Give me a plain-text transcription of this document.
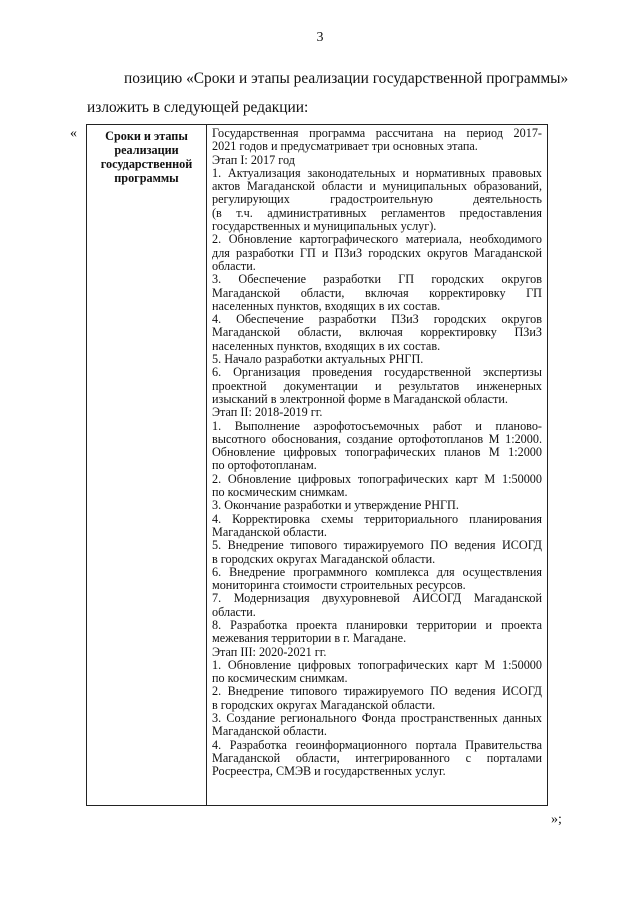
3
позицию «Сроки и этапы реализации государственной программы»
изложить в следующей редакции:
«	Сроки и этапы
реализации
государственной
программы
Государственная программа рассчитана на период 2017-
2021 годов и предусматривает три основных этапа.
Этап I: 2017 год
1. Актуализация законодательных и нормативных правовых
актов Магаданской области и муниципальных образований,
регулирующих градостроительную деятельность
(в т.ч. административных регламентов предоставления
государственных и муниципальных услуг).
2. Обновление картографического материала, необходимого
для разработки ГП и ПЗиЗ городских округов Магаданской
области.
3. Обеспечение разработки ГП городских округов
Магаданской области, включая корректировку ГП
населенных пунктов, входящих в их состав.
4. Обеспечение разработки ПЗиЗ городских округов
Магаданской области, включая корректировку ПЗиЗ
населенных пунктов, входящих в их состав.
5. Начало разработки актуальных РНГП.
6. Организация проведения государственной экспертизы
проектной документации и результатов инженерных
изысканий в электронной форме в Магаданской области.
Этап II: 2018-2019 гг.
1. Выполнение аэрофотосъемочных работ и планово-
высотного обоснования, создание ортофотопланов М 1:2000.
Обновление цифровых топографических планов М 1:2000
по ортофотопланам.
2. Обновление цифровых топографических карт М 1:50000
по космическим снимкам.
3. Окончание разработки и утверждение РНГП.
4. Корректировка схемы территориального планирования
Магаданской области.
5. Внедрение типового тиражируемого ПО ведения ИСОГД
в городских округах Магаданской области.
6. Внедрение программного комплекса для осуществления
мониторинга стоимости строительных ресурсов.
7. Модернизация двухуровневой АИСОГД Магаданской
области.
8. Разработка проекта планировки территории и проекта
межевания территории в г. Магадане.
Этап III: 2020-2021 гг.
1. Обновление цифровых топографических карт М 1:50000
по космическим снимкам.
2. Внедрение типового тиражируемого ПО ведения ИСОГД
в городских округах Магаданской области.
3. Создание регионального Фонда пространственных данных
Магаданской области.
4. Разработка геоинформационного портала Правительства
Магаданской области, интегрированного с порталами
Росреестра, СМЭВ и государственных услуг.
»;
